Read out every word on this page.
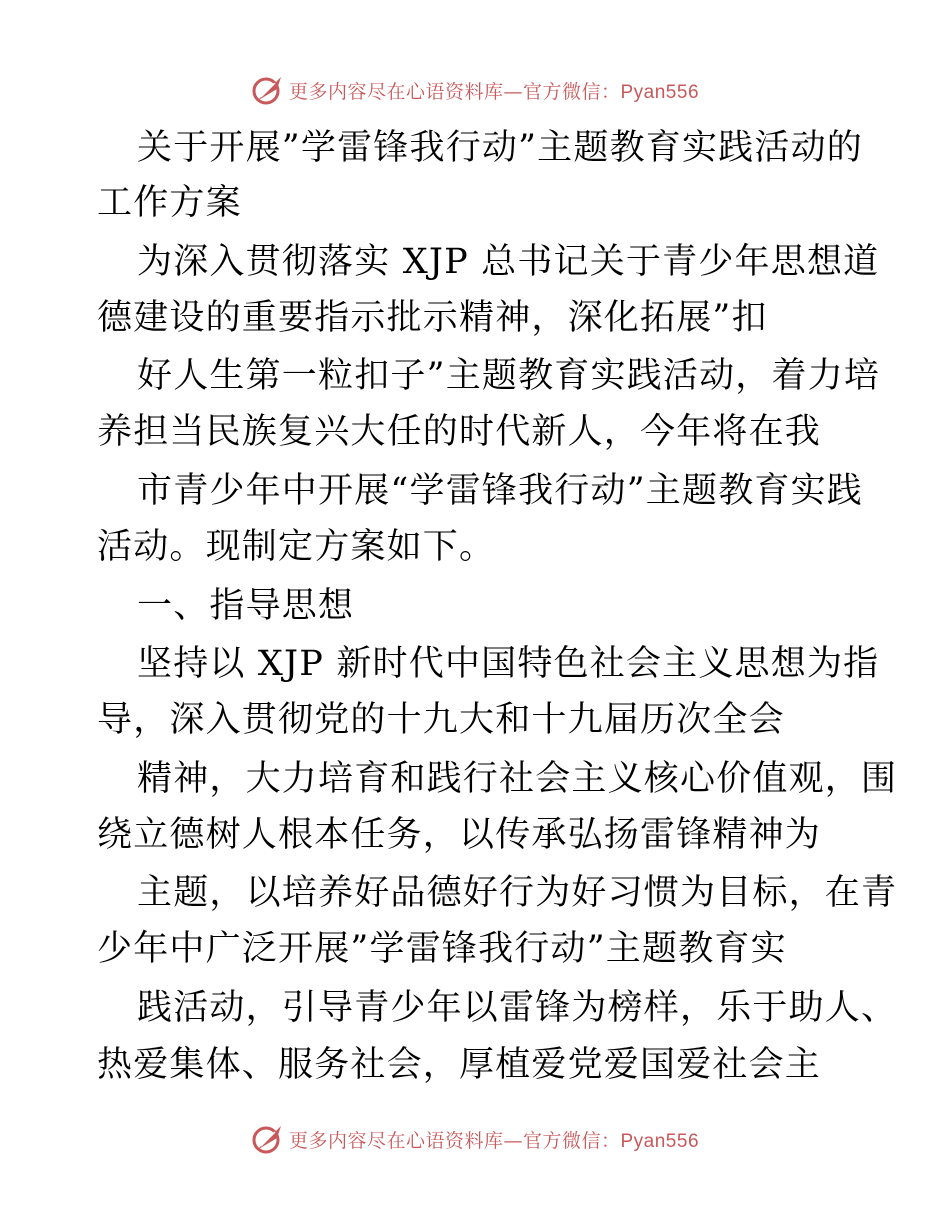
更多内容尽在心语资料库—官方微信：Pyan556
关于开展”学雷锋我行动”主题教育实践活动的
工作方案
为深入贯彻落实 XJP 总书记关于青少年思想道
德建设的重要指示批示精神，深化拓展”扣
好人生第一粒扣子”主题教育实践活动，着力培
养担当民族复兴大任的时代新人，今年将在我
市青少年中开展“学雷锋我行动”主题教育实践
活动。现制定方案如下。
一、指导思想
坚持以 XJP 新时代中国特色社会主义思想为指
导，深入贯彻党的十九大和十九届历次全会
精神，大力培育和践行社会主义核心价值观，围
绕立德树人根本任务，以传承弘扬雷锋精神为
主题，以培养好品德好行为好习惯为目标，在青
少年中广泛开展”学雷锋我行动”主题教育实
践活动，引导青少年以雷锋为榜样，乐于助人、
热爱集体、服务社会，厚植爱党爱国爱社会主
更多内容尽在心语资料库—官方微信：Pyan556
